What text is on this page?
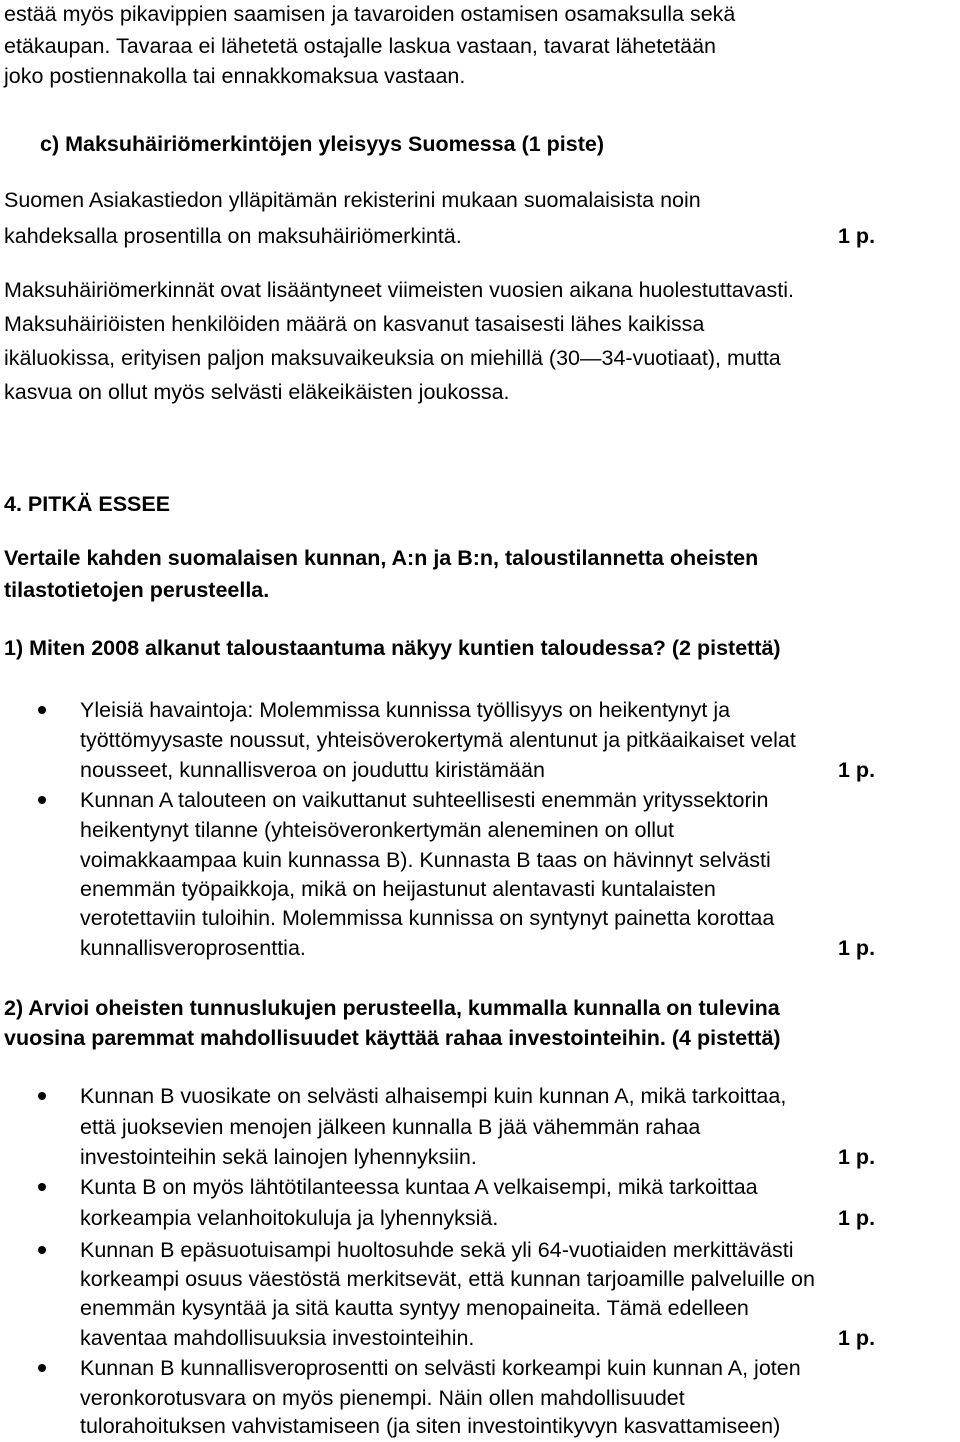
estää myös pikavippien saamisen ja tavaroiden ostamisen osamaksulla sekä
etäkaupan. Tavaraa ei lähetetä ostajalle laskua vastaan, tavarat lähetetään
joko postiennakolla tai ennakkomaksua vastaan.
c) Maksuhäiriömerkintöjen yleisyys Suomessa (1 piste)
Suomen Asiakastiedon ylläpitämän rekisterini mukaan suomalaisista noin
kahdeksalla prosentilla on maksuhäiriömerkintä.	1 p.
Maksuhäiriömerkinnät ovat lisääntyneet viimeisten vuosien aikana huolestuttavasti.
Maksuhäiriöisten henkilöiden määrä on kasvanut tasaisesti lähes kaikissa
ikäluokissa, erityisen paljon maksuvaikeuksia on miehillä (30—34-vuotiaat), mutta
kasvua on ollut myös selvästi eläkeikäisten joukossa.
4. PITKÄ ESSEE
Vertaile kahden suomalaisen kunnan, A:n ja B:n, taloustilannetta oheisten
tilastotietojen perusteella.
1) Miten 2008 alkanut taloustaantuma näkyy kuntien taloudessa? (2 pistettä)
Yleisiä havaintoja: Molemmissa kunnissa työllisyys on heikentynyt ja
työttömyysaste noussut, yhteisöverokertymä alentunut ja pitkäaikaiset velat
nousseet, kunnallisveroa on jouduttu kiristämään	1 p.
Kunnan A talouteen on vaikuttanut suhteellisesti enemmän yrityssektorin
heikentynyt tilanne (yhteisöveronkertymän aleneminen on ollut
voimakkaampaa kuin kunnassa B). Kunnasta B taas on hävinnyt selvästi
enemmän työpaikkoja, mikä on heijastunut alentavasti kuntalaisten
verotettaviin tuloihin. Molemmissa kunnissa on syntynyt painetta korottaa
kunnallisveroprosenttia.	1 p.
2) Arvioi oheisten tunnuslukujen perusteella, kummalla kunnalla on tulevina
vuosina paremmat mahdollisuudet käyttää rahaa investointeihin. (4 pistettä)
Kunnan B vuosikate on selvästi alhaisempi kuin kunnan A, mikä tarkoittaa,
että juoksevien menojen jälkeen kunnalla B jää vähemmän rahaa
investointeihin sekä lainojen lyhennyksiin.	1 p.
Kunta B on myös lähtötilanteessa kuntaa A velkaisempi, mikä tarkoittaa
korkeampia velanhoitokuluja ja lyhennyksiä.	1 p.
Kunnan B epäsuotuisampi huoltosuhde sekä yli 64-vuotiaiden merkittävästi
korkeampi osuus väestöstä merkitsevät, että kunnan tarjoamille palveluille on
enemmän kysyntää ja sitä kautta syntyy menopaineita. Tämä edelleen
kaventaa mahdollisuuksia investointeihin.	1 p.
Kunnan B kunnallisveroprosentti on selvästi korkeampi kuin kunnan A, joten
veronkorotusvara on myös pienempi. Näin ollen mahdollisuudet
tulorahoituksen vahvistamiseen (ja siten investointikyvyn kasvattamiseen)
